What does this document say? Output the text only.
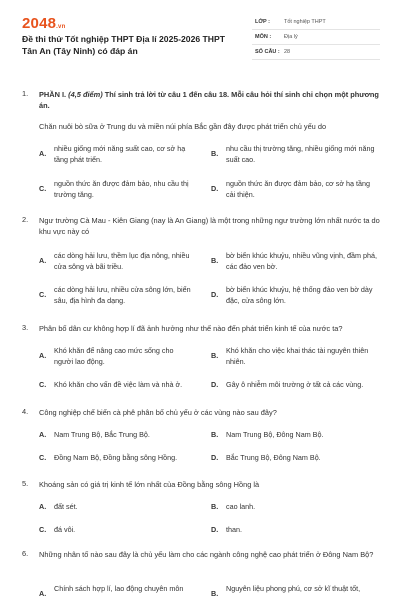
2048.vn
Đề thi thử Tốt nghiệp THPT Địa lí 2025-2026 THPT Tân An (Tây Ninh) có đáp án
LỚP :	Tốt nghiệp THPT
MÔN : Địa lý
SỐ CÂU : 28
1. PHẦN I. (4,5 điểm) Thí sinh trả lời từ câu 1 đến câu 18. Mỗi câu hỏi thí sinh chỉ chọn một phương án.
Chăn nuôi bò sữa ở Trung du và miền núi phía Bắc gần đây được phát triển chủ yếu do
A.
nhiều giống mới năng suất cao, cơ sở hạ tầng phát triển.
B.
nhu cầu thị trường tăng, nhiều giống mới năng suất cao.
C.
nguồn thức ăn được đảm bảo, nhu cầu thị trường tăng.
D.
nguồn thức ăn được đảm bảo, cơ sở hạ tầng cải thiện.
2. Ngư trường Cà Mau - Kiên Giang (nay là An Giang) là một trong những ngư trường lớn nhất nước ta do khu vực này có
A.
các dòng hải lưu, thềm lục địa nông, nhiều cửa sông và bãi triều.
B.
bờ biển khúc khuỷu, nhiều vũng vịnh, đầm phá, các đảo ven bờ.
C.
các dòng hải lưu, nhiều cửa sông lớn, biển sâu, địa hình đa dạng.
D.
bờ biển khúc khuỷu, hệ thống đảo ven bờ dày đặc, cửa sông lớn.
3. Phân bố dân cư không hợp lí đã ảnh hưởng như thế nào đến phát triển kinh tế của nước ta?
A.
Khó khăn để nâng cao mức sống cho người lao động.
B.
Khó khăn cho việc khai thác tài nguyên thiên nhiên.
C. Khó khăn cho vấn đề việc làm và nhà ở.	D. Gây ô nhiễm môi trường ở tất cả các vùng.
4. Công nghiệp chế biến cà phê phân bố chủ yếu ở các vùng nào sau đây?
A. Nam Trung Bộ, Bắc Trung Bộ.	B. Nam Trung Bộ, Đông Nam Bộ.
C. Đồng Nam Bộ, Đồng bằng sông Hồng.	D. Bắc Trung Bộ, Đông Nam Bộ.
5. Khoáng sản có giá trị kinh tế lớn nhất của Đồng bằng sông Hồng là
A. đất sét.	B. cao lanh.
C. đá vôi.	D. than.
6. Những nhân tố nào sau đây là chủ yếu làm cho các ngành công nghệ cao phát triển ở Đông Nam Bộ?
A.
Chính sách hợp lí, lao động chuyên môn
B.
Nguyên liệu phong phú, cơ sở kĩ thuật tốt,
